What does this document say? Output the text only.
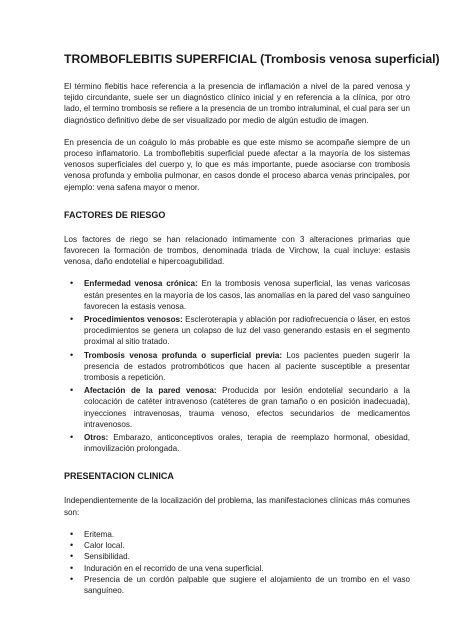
TROMBOFLEBITIS SUPERFICIAL (Trombosis venosa superficial)

El término flebitis hace referencia a la presencia de inflamación a nivel de la pared venosa y tejido circundante, suele ser un diagnóstico clínico inicial y en referencia a la clínica, por otro lado, el termino trombosis se refiere a la presencia de un trombo intraluminal, el cual para ser un diagnóstico definitivo debe de ser visualizado por medio de algún estudio de imagen.

En presencia de un coágulo lo más probable es que este mismo se acompañe siempre de un proceso inflamatorio. La tromboflebitis superficial puede afectar a la mayoría de los sistemas venosos superficiales del cuerpo y, lo que es más importante, puede asociarse con trombosis venosa profunda y embolia pulmonar, en casos donde el proceso abarca venas principales, por ejemplo: vena safena mayor o menor.

FACTORES DE RIESGO

Los factores de riego se han relacionado íntimamente con 3 alteraciones primarias que favorecen la formación de trombos, denominada triada de Virchow, la cual incluye: estasis venosa, daño endotelial e hipercoagubilidad.

• Enfermedad venosa crónica: En la trombosis venosa superficial, las venas varicosas están presentes en la mayoría de los casos, las anomalías en la pared del vaso sanguíneo favorecen la estasis venosa.
• Procedimientos venosos: Escleroterapia y ablación por radiofrecuencia o láser, en estos procedimientos se genera un colapso de luz del vaso generando estasis en el segmento proximal al sitio tratado.
• Trombosis venosa profunda o superficial previa: Los pacientes pueden sugerir la presencia de estados protrombóticos que hacen al paciente susceptible a presentar trombosis a repetición.
• Afectación de la pared venosa: Producida por lesión endotelial secundario a la colocación de catéter intravenoso (catéteres de gran tamaño o en posición inadecuada), inyecciones intravenosas, trauma venoso, efectos secundarios de medicamentos intravenosos.
• Otros: Embarazo, anticonceptivos orales, terapia de reemplazo hormonal, obesidad, inmovilización prolongada.
PRESENTACION CLINICA

Independientemente de la localización del problema, las manifestaciones clínicas más comunes son:

• Eritema.
• Calor local.
• Sensibilidad.
• Induración en el recorrido de una vena superficial.
• Presencia de un cordón palpable que sugiere el alojamiento de un trombo en el vaso sanguíneo.
